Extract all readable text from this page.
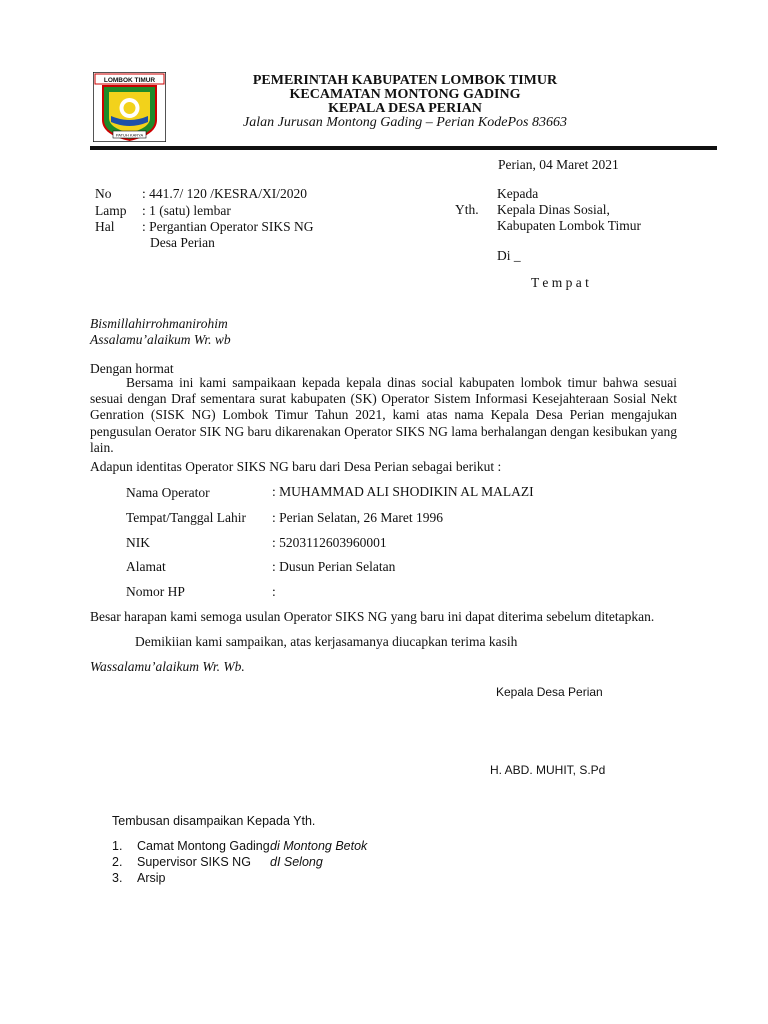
LOMBOK TIMUR
PATUH KARYA
PEMERINTAH KABUPATEN LOMBOK TIMUR
KECAMATAN MONTONG GADING
KEPALA DESA PERIAN
Jalan Jurusan Montong Gading – Perian KodePos 83663
Perian, 04 Maret 2021
No : 441.7/ 120 /KESRA/XI/2020
Lamp : 1 (satu) lembar
Hal : Pergantian Operator SIKS NG
Desa Perian
Kepada
Yth. Kepala Dinas Sosial,
Kabupaten Lombok Timur
Di _
T e m p a t
Bismillahirrohmanirohim
Assalamu’alaikum Wr. wb
Dengan hormat
Bersama ini kami sampaikaan kepada kepala dinas social kabupaten lombok timur bahwa sesuai sesuai dengan Draf sementara surat kabupaten (SK) Operator Sistem Informasi Kesejahteraan Sosial Nekt Genration (SISK NG) Lombok Timur Tahun 2021, kami atas nama Kepala Desa Perian mengajukan pengusulan Oerator SIK NG baru dikarenakan Operator SIKS NG lama berhalangan dengan kesibukan yang lain.
Adapun identitas Operator SIKS NG baru dari Desa Perian sebagai berikut :
Nama Operator	: MUHAMMAD ALI SHODIKIN AL MALAZI
Tempat/Tanggal Lahir : Perian Selatan, 26 Maret 1996
NIK	: 5203112603960001
Alamat	: Dusun Perian Selatan
Nomor HP	:
Besar harapan kami semoga usulan Operator SIKS NG yang baru ini dapat diterima sebelum ditetapkan.
Demikiian kami sampaikan, atas kerjasamanya diucapkan terima kasih
Wassalamu’alaikum Wr. Wb.
Kepala Desa Perian
H. ABD. MUHIT, S.Pd
Tembusan disampaikan Kepada Yth.
1. Camat Montong Gading di Montong Betok
2. Supervisor SIKS NG dI Selong
3. Arsip
